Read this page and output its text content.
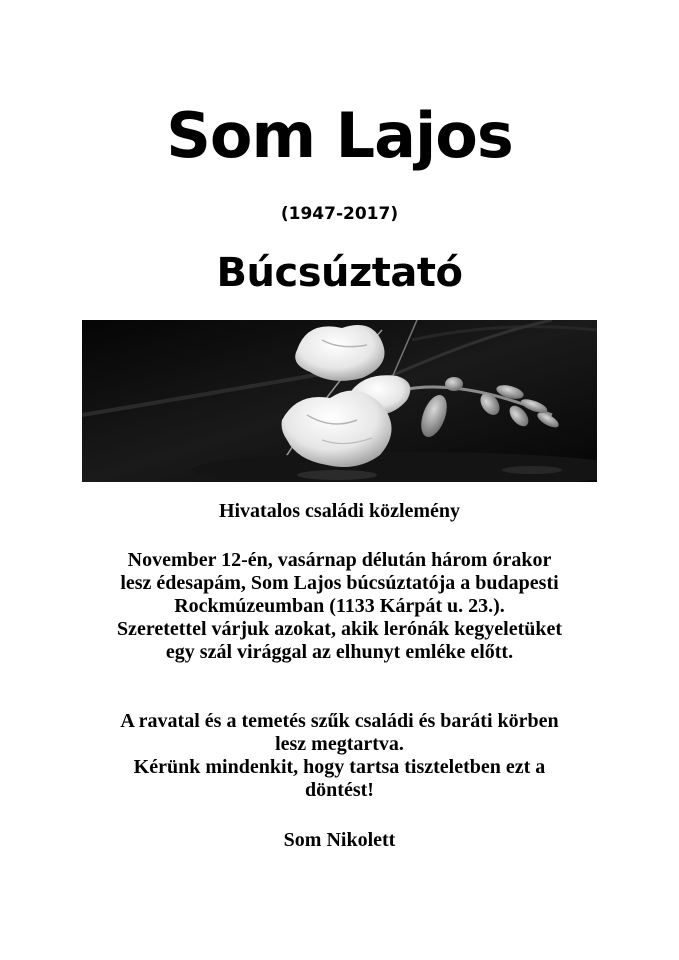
Som Lajos
(1947-2017)
Búcsúztató
Hivatalos családi közlemény
November 12-én, vasárnap délután három órakor
lesz édesapám, Som Lajos búcsúztatója a budapesti
Rockmúzeumban (1133 Kárpát u. 23.).
Szeretettel várjuk azokat, akik lerónák kegyeletüket
egy szál virággal az elhunyt emléke előtt.
A ravatal és a temetés szűk családi és baráti körben
lesz megtartva.
Kérünk mindenkit, hogy tartsa tiszteletben ezt a
döntést!
Som Nikolett
